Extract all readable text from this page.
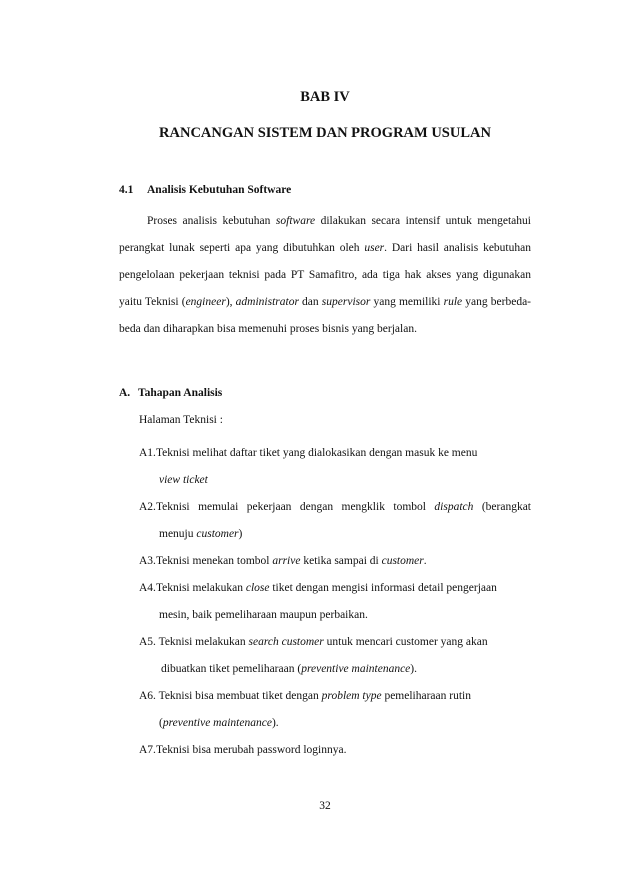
BAB IV
RANCANGAN SISTEM DAN PROGRAM USULAN
4.1 Analisis Kebutuhan Software
Proses analisis kebutuhan software dilakukan secara intensif untuk mengetahui perangkat lunak seperti apa yang dibutuhkan oleh user. Dari hasil analisis kebutuhan pengelolaan pekerjaan teknisi pada PT Samafitro, ada tiga hak akses yang digunakan yaitu Teknisi (engineer), administrator dan supervisor yang memiliki rule yang berbeda-beda dan diharapkan bisa memenuhi proses bisnis yang berjalan.
A. Tahapan Analisis
Halaman Teknisi :
A1.Teknisi melihat daftar tiket yang dialokasikan dengan masuk ke menu
view ticket
A2.Teknisi memulai pekerjaan dengan mengklik tombol dispatch (berangkat
menuju customer)
A3.Teknisi menekan tombol arrive ketika sampai di customer.
A4.Teknisi melakukan close tiket dengan mengisi informasi detail pengerjaan
mesin, baik pemeliharaan maupun perbaikan.
A5. Teknisi melakukan search customer untuk mencari customer yang akan
dibuatkan tiket pemeliharaan (preventive maintenance).
A6. Teknisi bisa membuat tiket dengan problem type pemeliharaan rutin
(preventive maintenance).
A7.Teknisi bisa merubah password loginnya.
32
